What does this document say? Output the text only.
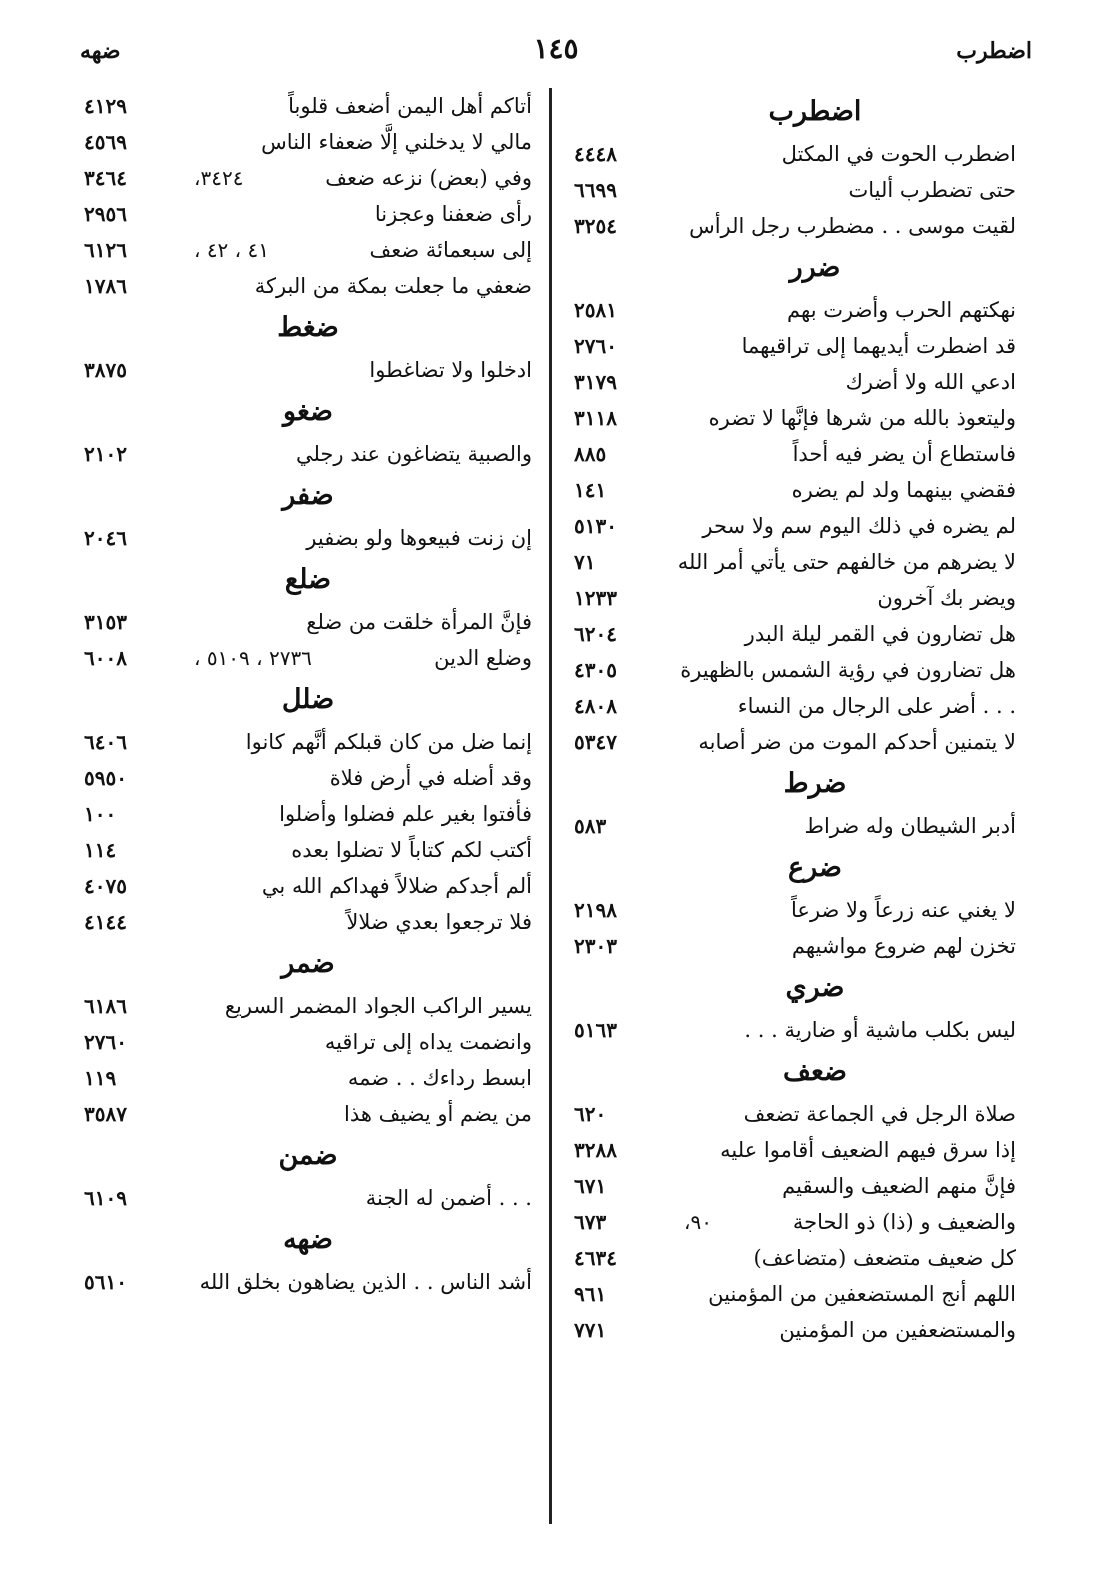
اضطرب
١٤٥
ضهه
اضطرب
اضطرب الحوت في المكتل
٤٤٤٨
حتى تضطرب أليات
٦٦٩٩
لقيت موسى . . مضطرب رجل الرأس
٣٢٥٤
ضرر
نهكتهم الحرب وأضرت بهم
٢٥٨١
قد اضطرت أيديهما إلى تراقيهما
٢٧٦٠
ادعي الله ولا أضرك
٣١٧٩
وليتعوذ بالله من شرها فإنَّها لا تضره
٣١١٨
فاستطاع أن يضر فيه أحداً
٨٨٥
فقضي بينهما ولد لم يضره
١٤١
لم يضره في ذلك اليوم سم ولا سحر
٥١٣٠
لا يضرهم من خالفهم حتى يأتي أمر الله
٧١
ويضر بك آخرون
١٢٣٣
هل تضارون في القمر ليلة البدر
٦٢٠٤
هل تضارون في رؤية الشمس بالظهيرة
٤٣٠٥
. . . أضر على الرجال من النساء
٤٨٠٨
لا يتمنين أحدكم الموت من ضر أصابه
٥٣٤٧
ضرط
أدبر الشيطان وله ضراط
٥٨٣
ضرع
لا يغني عنه زرعاً ولا ضرعاً
٢١٩٨
تخزن لهم ضروع مواشيهم
٢٣٠٣
ضري
ليس بكلب ماشية أو ضارية . . .
٥١٦٣
ضعف
صلاة الرجل في الجماعة تضعف
٦٢٠
إذا سرق فيهم الضعيف أقاموا عليه
٣٢٨٨
فإنَّ منهم الضعيف والسقيم
٦٧١
والضعيف و (ذا) ذو الحاجة
٩٠،
٦٧٣
كل ضعيف متضعف (متضاعف)
٤٦٣٤
اللهم أنج المستضعفين من المؤمنين
٩٦١
والمستضعفين من المؤمنين
٧٧١
أتاكم أهل اليمن أضعف قلوباً
٤١٢٩
مالي لا يدخلني إلَّا ضعفاء الناس
٤٥٦٩
وفي (بعض) نزعه ضعف
٣٤٢٤،
٣٤٦٤
رأى ضعفنا وعجزنا
٢٩٥٦
إلى سبعمائة ضعف
٤١ ، ٤٢ ،
٦١٢٦
ضعفي ما جعلت بمكة من البركة
١٧٨٦
ضغط
ادخلوا ولا تضاغطوا
٣٨٧٥
ضغو
والصبية يتضاغون عند رجلي
٢١٠٢
ضفر
إن زنت فبيعوها ولو بضفير
٢٠٤٦
ضلع
فإنَّ المرأة خلقت من ضلع
٣١٥٣
وضلع الدين
٢٧٣٦ ، ٥١٠٩ ،
٦٠٠٨
ضلل
إنما ضل من كان قبلكم أنَّهم كانوا
٦٤٠٦
وقد أضله في أرض فلاة
٥٩٥٠
فأفتوا بغير علم فضلوا وأضلوا
١٠٠
أكتب لكم كتاباً لا تضلوا بعده
١١٤
ألم أجدكم ضلالاً فهداكم الله بي
٤٠٧٥
فلا ترجعوا بعدي ضلالاً
٤١٤٤
ضمر
يسير الراكب الجواد المضمر السريع
٦١٨٦
وانضمت يداه إلى تراقيه
٢٧٦٠
ابسط رداءك . . ضمه
١١٩
من يضم أو يضيف هذا
٣٥٨٧
ضمن
. . . أضمن له الجنة
٦١٠٩
ضهه
أشد الناس . . الذين يضاهون بخلق الله
٥٦١٠
